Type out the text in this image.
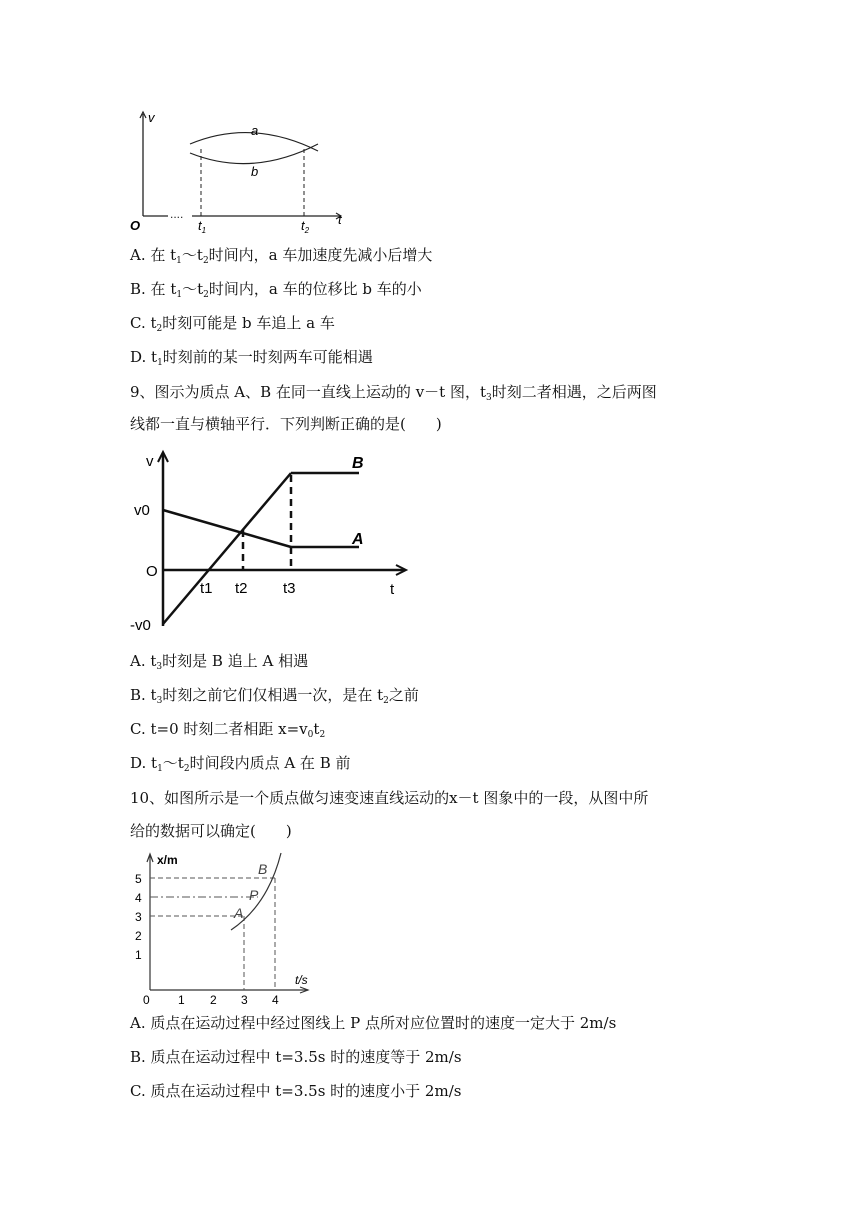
....
v
t
O
a
b
$t_1$	$t_2$
A. 在 $t_1\sim t_2$时间内，a 车加速度先减小后增大
B. 在 $t_1\sim t_2$时间内，a 车的位移比 b 车的小
C. $t_2$时刻可能是 b 车追上 a 车
D. $t_1$时刻前的某一时刻两车可能相遇
9、图示为质点 A、B 在同一直线上运动的 v－t 图，$t_3$时刻二者相遇，之后两图
线都一直与横轴平行．下列判断正确的是(　　)
v
t
v0
O
-v0
t1 t2 t3
B
A
A. $t_3$时刻是 B 追上 A 相遇
B. $t_3$时刻之前它们仅相遇一次，是在 $t_2$之前
C. t=0 时刻二者相距 $x=v_0t_2$
D. $t_1\sim t_2$时间段内质点 A 在 B 前
10、如图所示是一个质点做匀速变速直线运动的x－t 图象中的一段，从图中所
给的数据可以确定(　　)
x/m
t/s
1
2
3
4
5
0 1 2 3 4
A
P
B
A. 质点在运动过程中经过图线上 P 点所对应位置时的速度一定大于 2m/s
B. 质点在运动过程中 t=3.5s 时的速度等于 2m/s
C. 质点在运动过程中 t=3.5s 时的速度小于 2m/s
